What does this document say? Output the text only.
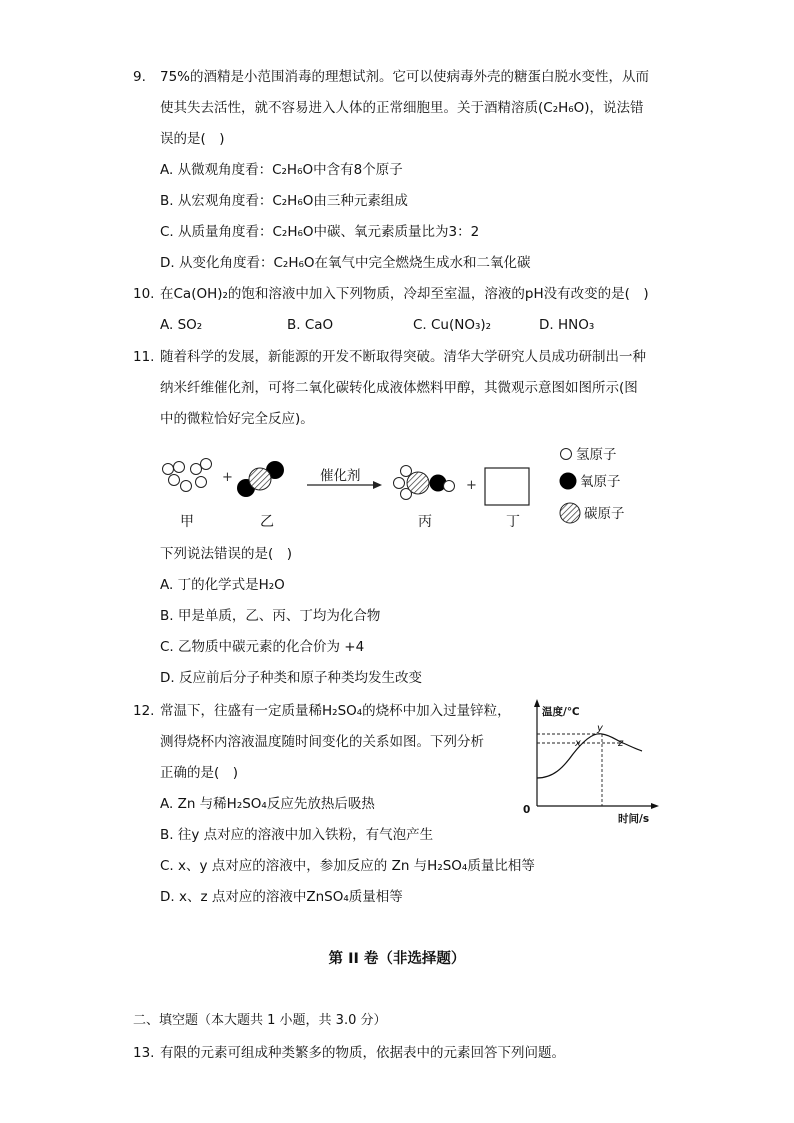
9. 75%的酒精是小范围消毒的理想试剂。它可以使病毒外壳的糖蛋白脱水变性，从而
使其失去活性，就不容易进入人体的正常细胞里。关于酒精溶质(C₂H₆O)，说法错
误的是(　)
A. 从微观角度看：C₂H₆O中含有8个原子
B. 从宏观角度看：C₂H₆O由三种元素组成
C. 从质量角度看：C₂H₆O中碳、氧元素质量比为3：2
D. 从变化角度看：C₂H₆O在氧气中完全燃烧生成水和二氧化碳
10. 在Ca(OH)₂的饱和溶液中加入下列物质，冷却至室温，溶液的pH没有改变的是(　)
A. SO₂	B. CaO	C. Cu(NO₃)₂	D. HNO₃
11. 随着科学的发展，新能源的开发不断取得突破。清华大学研究人员成功研制出一种
纳米纤维催化剂，可将二氧化碳转化成液体燃料甲醇，其微观示意图如图所示(图
中的微粒恰好完全反应)。
+	催化剂
+
甲	乙	丙	丁
氢原子
氧原子
碳原子
下列说法错误的是(　)
A. 丁的化学式是H₂O
B. 甲是单质，乙、丙、丁均为化合物
C. 乙物质中碳元素的化合价为 +4
D. 反应前后分子种类和原子种类均发生改变
12. 常温下，往盛有一定质量稀H₂SO₄的烧杯中加入过量锌粒，
测得烧杯内溶液温度随时间变化的关系如图。下列分析
正确的是(　)
温度/℃
时间/s
0
x
y
z
A. Zn 与稀H₂SO₄反应先放热后吸热
B. 往y 点对应的溶液中加入铁粉，有气泡产生
C. x、y 点对应的溶液中，参加反应的 Zn 与H₂SO₄质量比相等
D. x、z 点对应的溶液中ZnSO₄质量相等
第 II 卷（非选择题）
二、填空题（本大题共 1 小题，共 3.0 分）
13. 有限的元素可组成种类繁多的物质，依据表中的元素回答下列问题。
